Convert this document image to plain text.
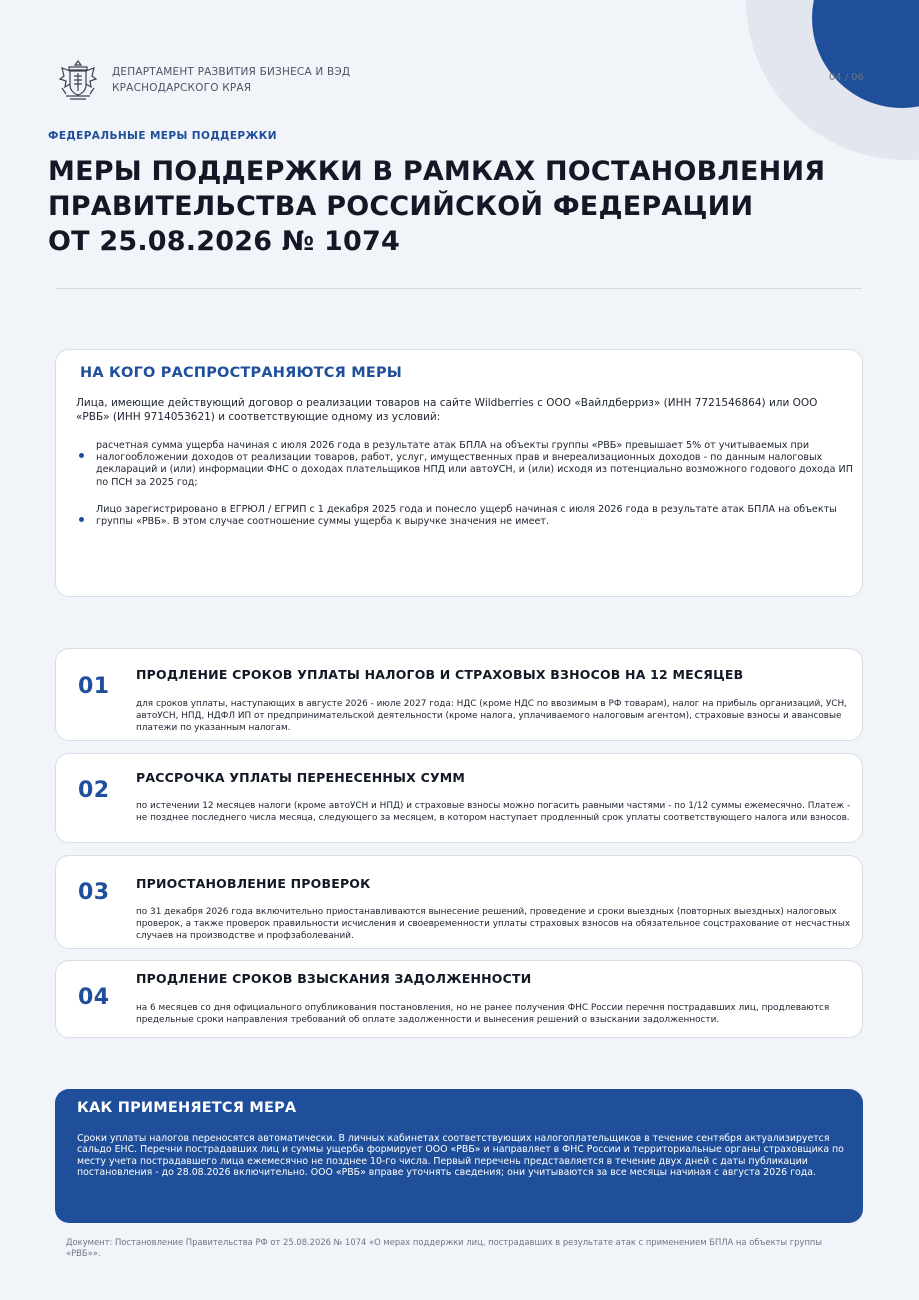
ДЕПАРТАМЕНТ РАЗВИТИЯ БИЗНЕСА И ВЭД
КРАСНОДАРСКОГО КРАЯ
04 / 06
ФЕДЕРАЛЬНЫЕ МЕРЫ ПОДДЕРЖКИ
МЕРЫ ПОДДЕРЖКИ В РАМКАХ ПОСТАНОВЛЕНИЯ
ПРАВИТЕЛЬСТВА РОССИЙСКОЙ ФЕДЕРАЦИИ
ОТ 25.08.2026 № 1074
НА КОГО РАСПРОСТРАНЯЮТСЯ МЕРЫ
Лица, имеющие действующий договор о реализации товаров на сайте Wildberries с ООО «Вайлдберриз» (ИНН 7721546864) или ООО «РВБ» (ИНН 9714053621) и соответствующие одному из условий:
расчетная сумма ущерба начиная с июля 2026 года в результате атак БПЛА на объекты группы «РВБ» превышает 5% от учитываемых при налогообложении доходов от реализации товаров, работ, услуг, имущественных прав и внереализационных доходов - по данным налоговых деклараций и (или) информации ФНС о доходах плательщиков НПД или автоУСН, и (или) исходя из потенциально возможного годового дохода ИП по ПСН за 2025 год;
Лицо зарегистрировано в ЕГРЮЛ / ЕГРИП с 1 декабря 2025 года и понесло ущерб начиная с июля 2026 года в результате атак БПЛА на объекты группы «РВБ». В этом случае соотношение суммы ущерба к выручке значения не имеет.
01 ПРОДЛЕНИЕ СРОКОВ УПЛАТЫ НАЛОГОВ И СТРАХОВЫХ ВЗНОСОВ НА 12 МЕСЯЦЕВ
для сроков уплаты, наступающих в августе 2026 - июле 2027 года: НДС (кроме НДС по ввозимым в РФ товарам), налог на прибыль организаций, УСН, автоУСН, НПД, НДФЛ ИП от предпринимательской деятельности (кроме налога, уплачиваемого налоговым агентом), страховые взносы и авансовые платежи по указанным налогам.
02
РАССРОЧКА УПЛАТЫ ПЕРЕНЕСЕННЫХ СУММ
по истечении 12 месяцев налоги (кроме автоУСН и НПД) и страховые взносы можно погасить равными частями - по 1/12 суммы ежемесячно. Платеж - не позднее последнего числа месяца, следующего за месяцем, в котором наступает продленный срок уплаты соответствующего налога или взносов.
03 ПРИОСТАНОВЛЕНИЕ ПРОВЕРОК
по 31 декабря 2026 года включительно приостанавливаются вынесение решений, проведение и сроки выездных (повторных выездных) налоговых проверок, а также проверок правильности исчисления и своевременности уплаты страховых взносов на обязательное соцстрахование от несчастных случаев на производстве и профзаболеваний.
04
ПРОДЛЕНИЕ СРОКОВ ВЗЫСКАНИЯ ЗАДОЛЖЕННОСТИ
на 6 месяцев со дня официального опубликования постановления, но не ранее получения ФНС России перечня пострадавших лиц, продлеваются предельные сроки направления требований об оплате задолженности и вынесения решений о взыскании задолженности.
КАК ПРИМЕНЯЕТСЯ МЕРА
Сроки уплаты налогов переносятся автоматически. В личных кабинетах соответствующих налогоплательщиков в течение сентября актуализируется сальдо ЕНС. Перечни пострадавших лиц и суммы ущерба формирует ООО «РВБ» и направляет в ФНС России и территориальные органы страховщика по месту учета пострадавшего лица ежемесячно не позднее 10-го числа. Первый перечень представляется в течение двух дней с даты публикации постановления - до 28.08.2026 включительно. ООО «РВБ» вправе уточнять сведения; они учитываются за все месяцы начиная с августа 2026 года.
Документ: Постановление Правительства РФ от 25.08.2026 № 1074 «О мерах поддержки лиц, пострадавших в результате атак с применением БПЛА на объекты группы «РВБ»».
